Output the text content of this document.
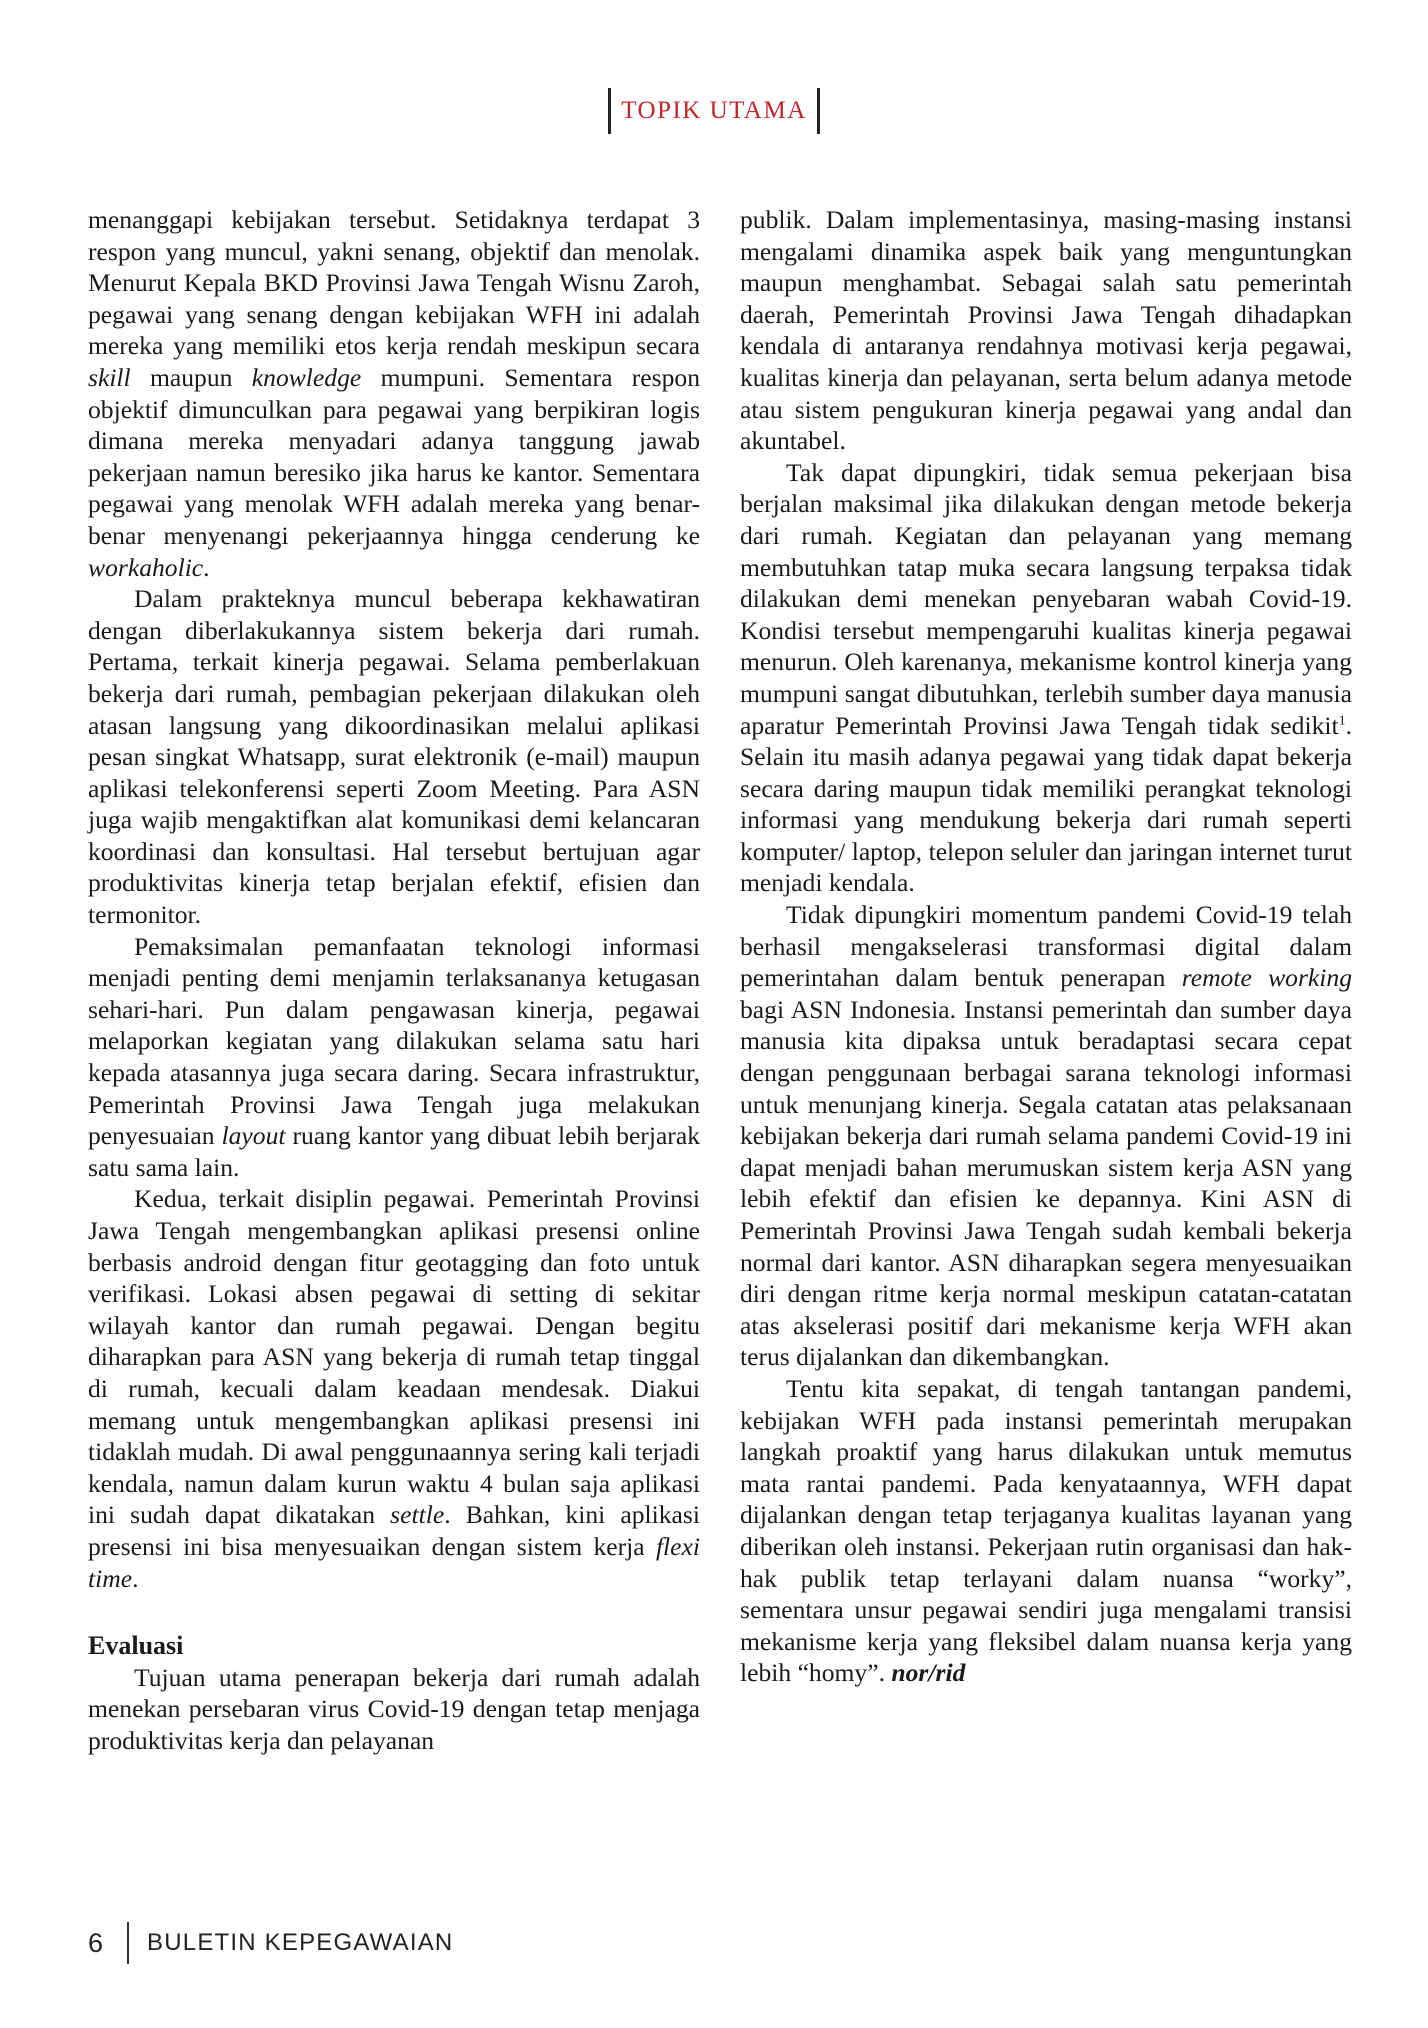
TOPIK UTAMA

menanggapi kebijakan tersebut. Setidaknya terdapat 3 respon yang muncul, yakni senang, objektif dan menolak. Menurut Kepala BKD Provinsi Jawa Tengah Wisnu Zaroh, pegawai yang senang dengan kebijakan WFH ini adalah mereka yang memiliki etos kerja rendah meskipun secara skill maupun knowledge mumpuni. Sementara respon objektif dimunculkan para pegawai yang berpikiran logis dimana mereka menyadari adanya tanggung jawab pekerjaan namun beresiko jika harus ke kantor. Sementara pegawai yang menolak WFH adalah mereka yang benar-benar menyenangi pekerjaannya hingga cenderung ke workaholic.

Dalam prakteknya muncul beberapa kekhawatiran dengan diberlakukannya sistem bekerja dari rumah. Pertama, terkait kinerja pegawai. Selama pemberlakuan bekerja dari rumah, pembagian pekerjaan dilakukan oleh atasan langsung yang dikoordinasikan melalui aplikasi pesan singkat Whatsapp, surat elektronik (e-mail) maupun aplikasi telekonferensi seperti Zoom Meeting. Para ASN juga wajib mengaktifkan alat komunikasi demi kelancaran koordinasi dan konsultasi. Hal tersebut bertujuan agar produktivitas kinerja tetap berjalan efektif, efisien dan termonitor.

Pemaksimalan pemanfaatan teknologi informasi menjadi penting demi menjamin terlaksananya ketugasan sehari-hari. Pun dalam pengawasan kinerja, pegawai melaporkan kegiatan yang dilakukan selama satu hari kepada atasannya juga secara daring. Secara infrastruktur, Pemerintah Provinsi Jawa Tengah juga melakukan penyesuaian layout ruang kantor yang dibuat lebih berjarak satu sama lain.

Kedua, terkait disiplin pegawai. Pemerintah Provinsi Jawa Tengah mengembangkan aplikasi presensi online berbasis android dengan fitur geotagging dan foto untuk verifikasi. Lokasi absen pegawai di setting di sekitar wilayah kantor dan rumah pegawai. Dengan begitu diharapkan para ASN yang bekerja di rumah tetap tinggal di rumah, kecuali dalam keadaan mendesak. Diakui memang untuk mengembangkan aplikasi presensi ini tidaklah mudah. Di awal penggunaannya sering kali terjadi kendala, namun dalam kurun waktu 4 bulan saja aplikasi ini sudah dapat dikatakan settle. Bahkan, kini aplikasi presensi ini bisa menyesuaikan dengan sistem kerja flexi time.

Evaluasi

Tujuan utama penerapan bekerja dari rumah adalah menekan persebaran virus Covid-19 dengan tetap menjaga produktivitas kerja dan pelayanan

publik. Dalam implementasinya, masing-masing instansi mengalami dinamika aspek baik yang menguntungkan maupun menghambat. Sebagai salah satu pemerintah daerah, Pemerintah Provinsi Jawa Tengah dihadapkan kendala di antaranya rendahnya motivasi kerja pegawai, kualitas kinerja dan pelayanan, serta belum adanya metode atau sistem pengukuran kinerja pegawai yang andal dan akuntabel.

Tak dapat dipungkiri, tidak semua pekerjaan bisa berjalan maksimal jika dilakukan dengan metode bekerja dari rumah. Kegiatan dan pelayanan yang memang membutuhkan tatap muka secara langsung terpaksa tidak dilakukan demi menekan penyebaran wabah Covid-19. Kondisi tersebut mempengaruhi kualitas kinerja pegawai menurun. Oleh karenanya, mekanisme kontrol kinerja yang mumpuni sangat dibutuhkan, terlebih sumber daya manusia aparatur Pemerintah Provinsi Jawa Tengah tidak sedikit$^1$. Selain itu masih adanya pegawai yang tidak dapat bekerja secara daring maupun tidak memiliki perangkat teknologi informasi yang mendukung bekerja dari rumah seperti komputer/ laptop, telepon seluler dan jaringan internet turut menjadi kendala.

Tidak dipungkiri momentum pandemi Covid-19 telah berhasil mengakselerasi transformasi digital dalam pemerintahan dalam bentuk penerapan remote working bagi ASN Indonesia. Instansi pemerintah dan sumber daya manusia kita dipaksa untuk beradaptasi secara cepat dengan penggunaan berbagai sarana teknologi informasi untuk menunjang kinerja. Segala catatan atas pelaksanaan kebijakan bekerja dari rumah selama pandemi Covid-19 ini dapat menjadi bahan merumuskan sistem kerja ASN yang lebih efektif dan efisien ke depannya. Kini ASN di Pemerintah Provinsi Jawa Tengah sudah kembali bekerja normal dari kantor. ASN diharapkan segera menyesuaikan diri dengan ritme kerja normal meskipun catatan-catatan atas akselerasi positif dari mekanisme kerja WFH akan terus dijalankan dan dikembangkan.

Tentu kita sepakat, di tengah tantangan pandemi, kebijakan WFH pada instansi pemerintah merupakan langkah proaktif yang harus dilakukan untuk memutus mata rantai pandemi. Pada kenyataannya, WFH dapat dijalankan dengan tetap terjaganya kualitas layanan yang diberikan oleh instansi. Pekerjaan rutin organisasi dan hak-hak publik tetap terlayani dalam nuansa “worky”, sementara unsur pegawai sendiri juga mengalami transisi mekanisme kerja yang fleksibel dalam nuansa kerja yang lebih “homy”. nor/rid

6 BULETIN KEPEGAWAIAN
